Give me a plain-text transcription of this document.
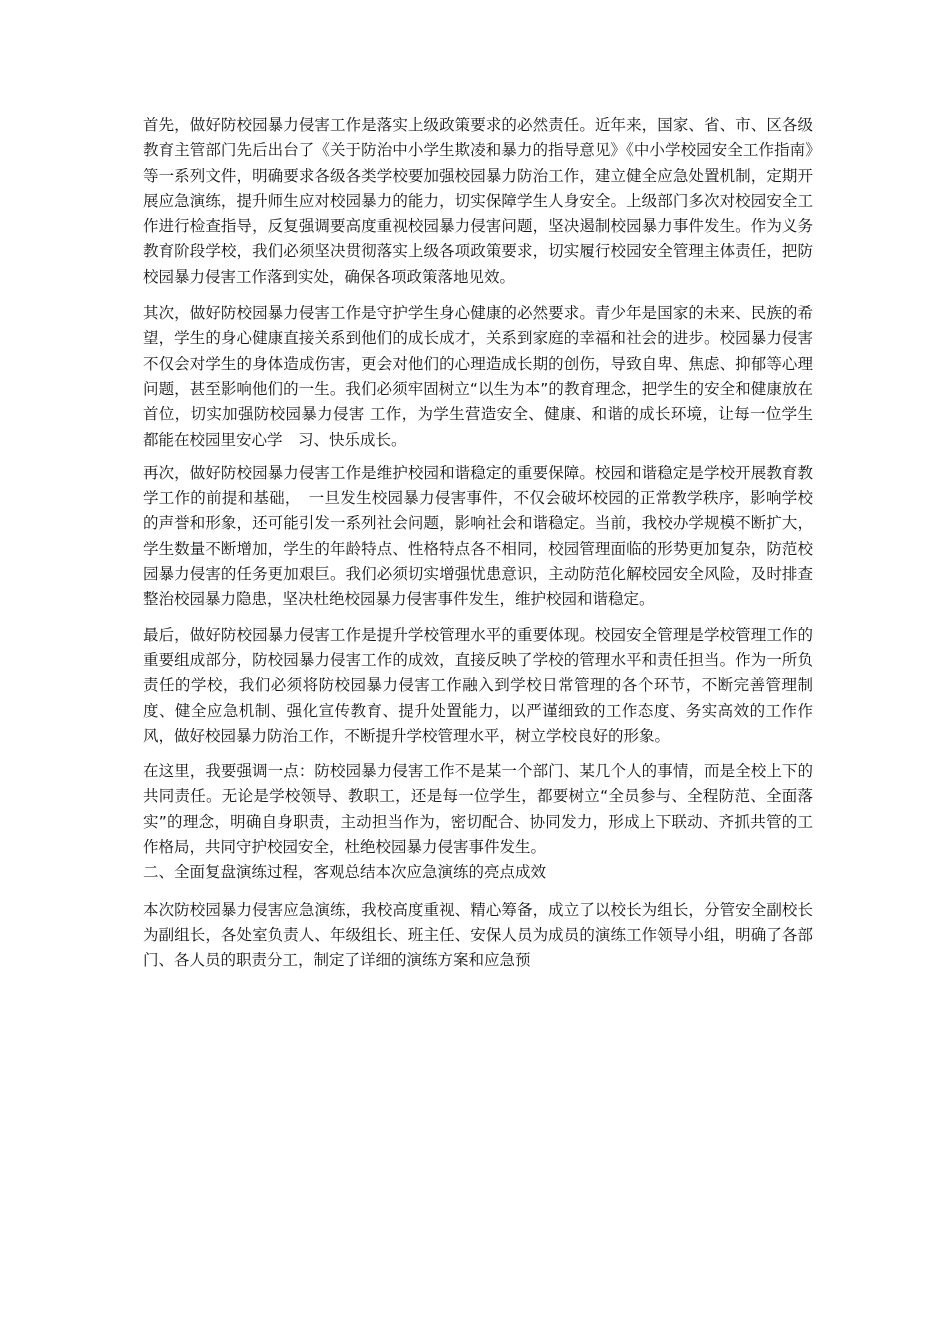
首先，做好防校园暴力侵害工作是落实上级政策要求的必然责任。近年来，国家、省、市、区各级教育主管部门先后出台了《关于防治中小学生欺凌和暴力的指导意见》《中小学校园安全工作指南》等一系列文件，明确要求各级各类学校要加强校园暴力防治工作，建立健全应急处置机制，定期开展应急演练，提升师生应对校园暴力的能力，切实保障学生人身安全。上级部门多次对校园安全工作进行检查指导，反复强调要高度重视校园暴力侵害问题，坚决遏制校园暴力事件发生。作为义务教育阶段学校，我们必须坚决贯彻落实上级各项政策要求，切实履行校园安全管理主体责任，把防校园暴力侵害工作落到实处，确保各项政策落地见效。

其次，做好防校园暴力侵害工作是守护学生身心健康的必然要求。青少年是国家的未来、民族的希望，学生的身心健康直接关系到他们的成长成才，关系到家庭的幸福和社会的进步。校园暴力侵害不仅会对学生的身体造成伤害，更会对他们的心理造成长期的创伤，导致自卑、焦虑、抑郁等心理问题，甚至影响他们的一生。我们必须牢固树立“以生为本”的教育理念，把学生的安全和健康放在首位，切实加强防校园暴力侵害 工作，为学生营造安全、健康、和谐的成长环境，让每一位学生都能在校园里安心学　习、快乐成长。

再次，做好防校园暴力侵害工作是维护校园和谐稳定的重要保障。校园和谐稳定是学校开展教育教学工作的前提和基础，　一旦发生校园暴力侵害事件，不仅会破坏校园的正常教学秩序，影响学校的声誉和形象，还可能引发一系列社会问题，影响社会和谐稳定。当前，我校办学规模不断扩大，学生数量不断增加，学生的年龄特点、性格特点各不相同，校园管理面临的形势更加复杂，防范校园暴力侵害的任务更加艰巨。我们必须切实增强忧患意识，主动防范化解校园安全风险，及时排查整治校园暴力隐患，坚决杜绝校园暴力侵害事件发生，维护校园和谐稳定。

最后，做好防校园暴力侵害工作是提升学校管理水平的重要体现。校园安全管理是学校管理工作的重要组成部分，防校园暴力侵害工作的成效，直接反映了学校的管理水平和责任担当。作为一所负责任的学校，我们必须将防校园暴力侵害工作融入到学校日常管理的各个环节，不断完善管理制度、健全应急机制、强化宣传教育、提升处置能力，以严谨细致的工作态度、务实高效的工作作风，做好校园暴力防治工作，不断提升学校管理水平，树立学校良好的形象。

在这里，我要强调一点：防校园暴力侵害工作不是某一个部门、某几个人的事情，而是全校上下的共同责任。无论是学校领导、教职工，还是每一位学生，都要树立“全员参与、全程防范、全面落实”的理念，明确自身职责，主动担当作为，密切配合、协同发力，形成上下联动、齐抓共管的工作格局，共同守护校园安全，杜绝校园暴力侵害事件发生。

二、全面复盘演练过程，客观总结本次应急演练的亮点成效

本次防校园暴力侵害应急演练，我校高度重视、精心筹备，成立了以校长为组长，分管安全副校长为副组长，各处室负责人、年级组长、班主任、安保人员为成员的演练工作领导小组，明确了各部门、各人员的职责分工，制定了详细的演练方案和应急预
